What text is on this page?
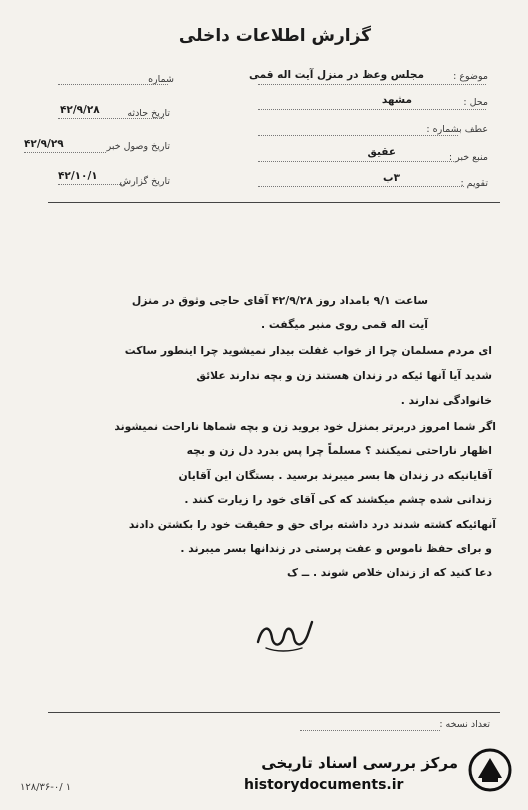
گزارش اطلاعات داخلی
موضوع :
مجلس وعظ در منزل آیت اله قمی
محل :
مشهد
عطف بشماره :
منبع خبر :
عقیق
تقویم :
۳ب
شماره
تاریخ حادثه
۴۲/۹/۲۸
تاریخ وصول خبر
۴۲/۹/۲۹
تاریخ گزارش
۴۲/۱۰/۱
ساعت ۹/۱ بامداد روز ۴۲/۹/۲۸ آقای حاجی وثوق در منزل
آیت اله قمی روی منبر میگفت .
ای مردم مسلمان چرا از خواب غفلت بیدار نمیشوید چرا اینطور ساکت
شدید آیا آنها ئیکه در زندان هستند زن و بچه ندارند علائق
خانوادگی ندارند .
اگر شما امروز دربرتر بمنزل خود بروید زن و بچه شماها ناراحت نمیشوند
اظهار ناراحتی نمیکنند ؟ مسلماً چرا پس بدرد دل زن و بچه
آقایانیکه در زندان ها بسر میبرند برسید . بستگان این آقایان
زندانی شده چشم میکشند که کی آقای خود را زیارت کنند .
آنهائیکه کشته شدند درد داشته برای حق و حقیقت خود را بکشتن دادند
و برای حفظ ناموس و عفت پرستی در زندانها بسر میبرند .
دعا کنید که از زندان خلاص شوند . ــ ک
تعداد نسخه :
مرکز بررسی اسناد تاریخی
historydocuments.ir
۱۲۸/۳۶-۰/ ۱
